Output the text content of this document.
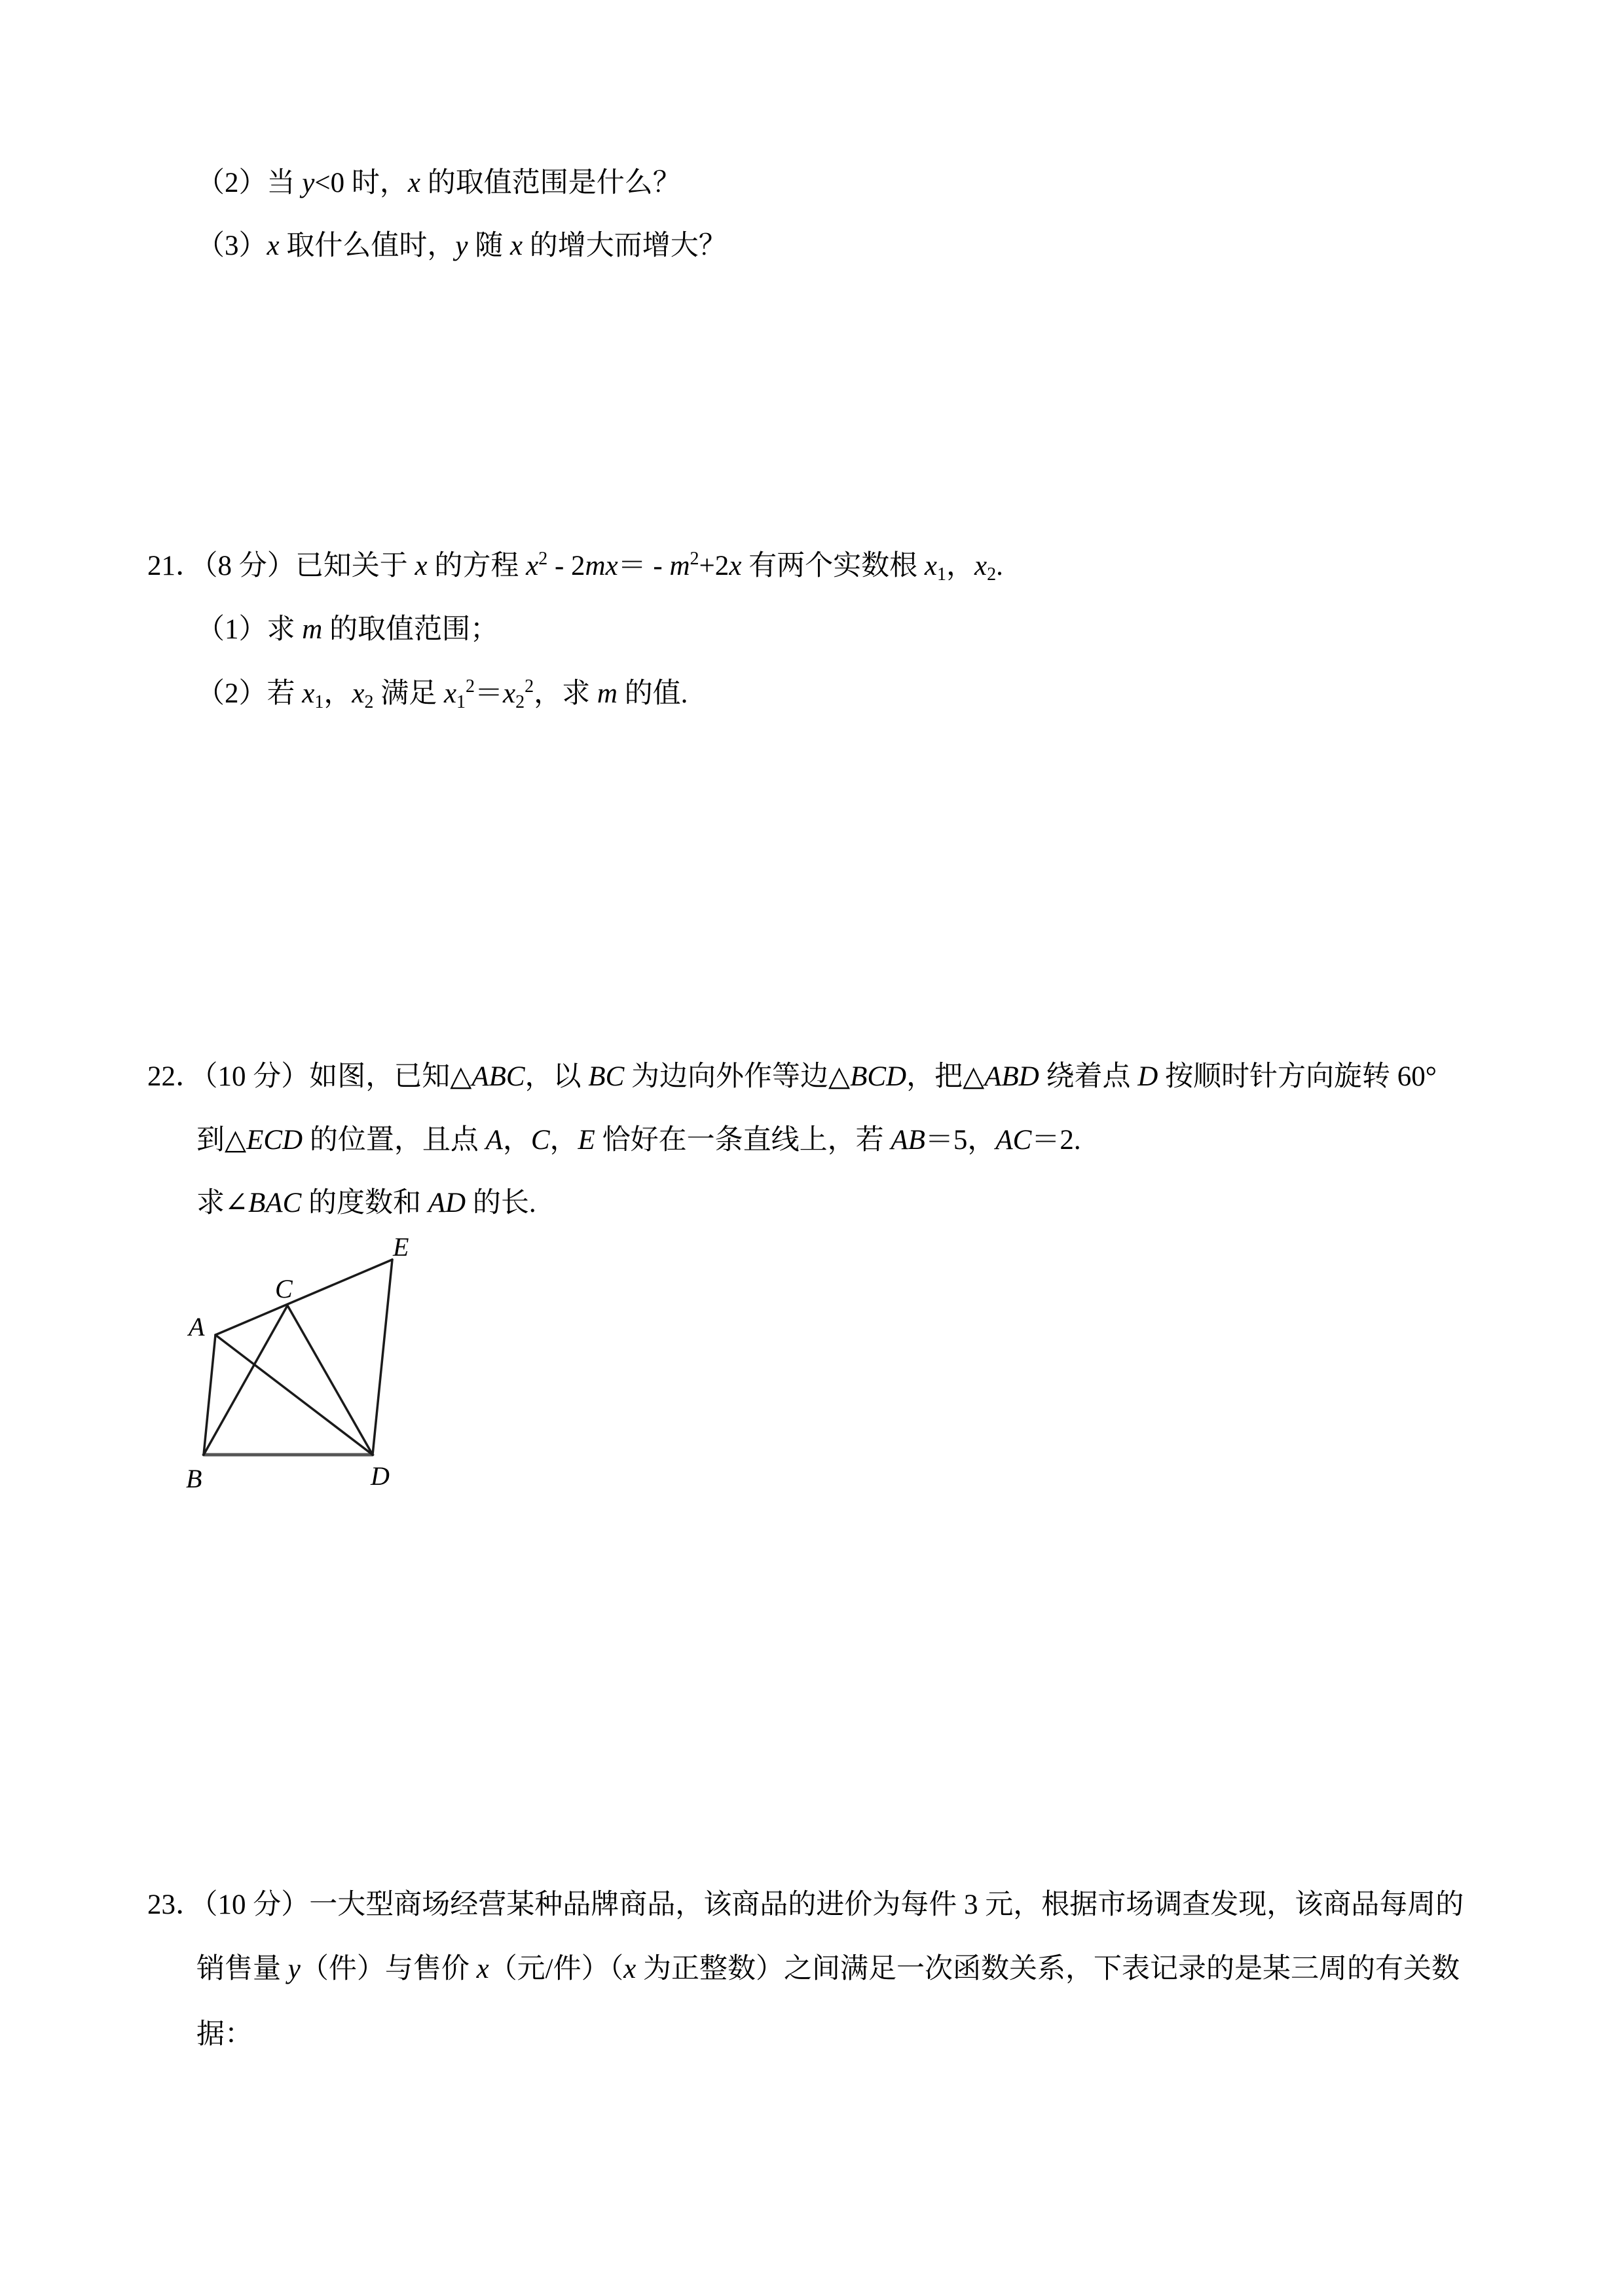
（2）当 y<0 时，x 的取值范围是什么？
（3）x 取什么值时，y 随 x 的增大而增大？
21．（8 分）已知关于 x 的方程 $x^2 - 2mx= - m^2+2x$ 有两个实数根 $x_1$，$x_2$.
（1）求 m 的取值范围；
（2）若 $x_1$，$x_2$ 满足 $x_1^2=x_2^2$，求 m 的值.
22．（10 分）如图，已知△ABC，以 BC 为边向外作等边△BCD，把△ABD 绕着点 D 按顺时针方向旋转 60°
到△ECD 的位置，且点 A，C，E 恰好在一条直线上，若 AB＝5，AC＝2.
求∠BAC 的度数和 AD 的长.
E
C
A
B	D
23．（10 分）一大型商场经营某种品牌商品，该商品的进价为每件 3 元，根据市场调查发现，该商品每周的
销售量 y（件）与售价 x（元/件）（x 为正整数）之间满足一次函数关系，下表记录的是某三周的有关数
据：
